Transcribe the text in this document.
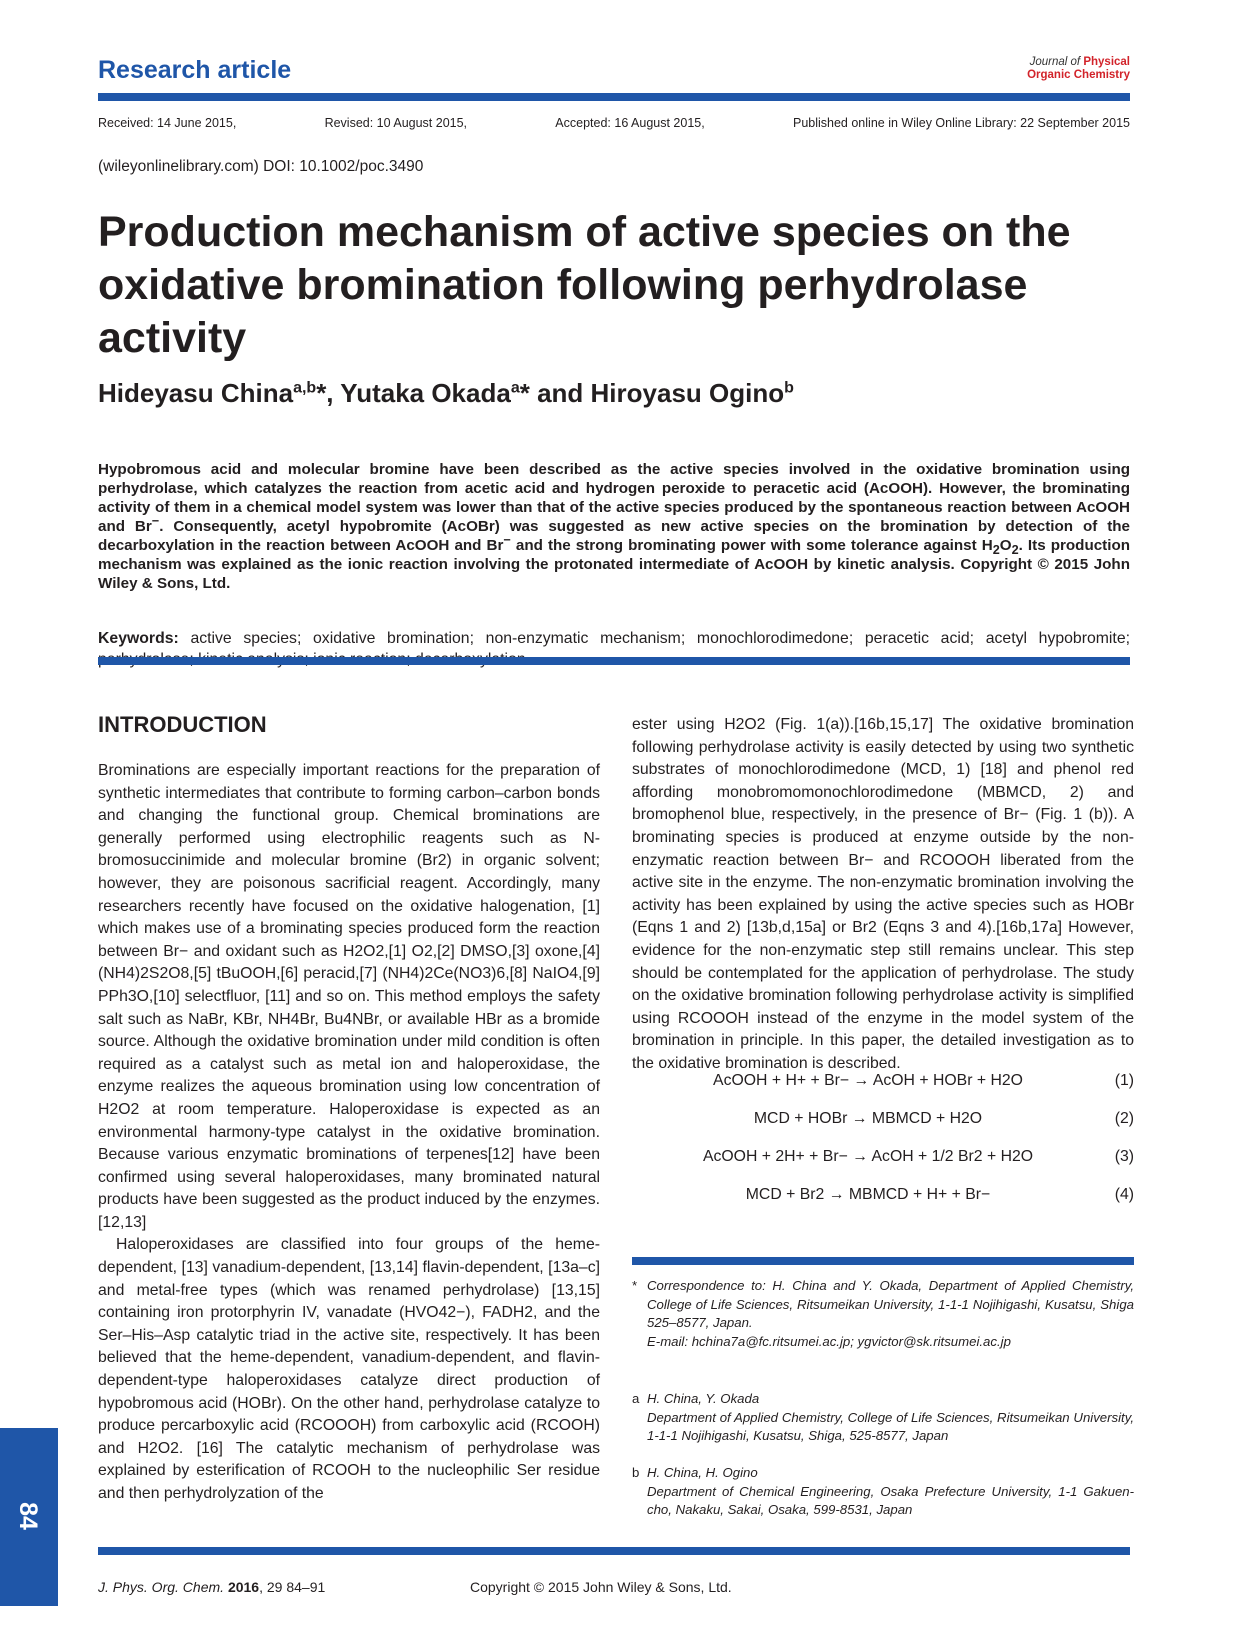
Research article	Journal of Physical
Organic Chemistry
Received: 14 June 2015,	Revised: 10 August 2015,	Accepted: 16 August 2015,	Published online in Wiley Online Library: 22 September 2015
(wileyonlinelibrary.com) DOI: 10.1002/poc.3490
Production mechanism of active species on the oxidative bromination following perhydrolase activity
Hideyasu China$^{a,b}$*, Yutaka Okada$^a$* and Hiroyasu Ogino$^b$
Hypobromous acid and molecular bromine have been described as the active species involved in the oxidative bromination using perhydrolase, which catalyzes the reaction from acetic acid and hydrogen peroxide to peracetic acid (AcOOH). However, the brominating activity of them in a chemical model system was lower than that of the active species produced by the spontaneous reaction between AcOOH and Br−. Consequently, acetyl hypobromite (AcOBr) was suggested as new active species on the bromination by detection of the decarboxylation in the reaction between AcOOH and Br− and the strong brominating power with some tolerance against $H_2O_2$. Its production mechanism was explained as the ionic reaction involving the protonated intermediate of AcOOH by kinetic analysis. Copyright © 2015 John Wiley & Sons, Ltd.
Keywords: active species; oxidative bromination; non-enzymatic mechanism; monochlorodimedone; peracetic acid; acetyl hypobromite;
INTRODUCTION

Brominations are especially important reactions for the preparation of synthetic intermediates that contribute to forming carbon–carbon bonds and changing the functional group. Chemical brominations are generally performed using electrophilic reagents such as N-bromosuccinimide and molecular bromine (Br2) in organic solvent; however, they are poisonous sacrificial reagent. Accordingly, many researchers recently have focused on the oxidative halogenation, [1] which makes use of a brominating species produced form the reaction between Br− and oxidant such as H2O2,[1] O2,[2] DMSO,[3] oxone,[4] (NH4)2S2O8,[5] tBuOOH,[6] peracid,[7] (NH4)2Ce(NO3)6,[8] NaIO4,[9] PPh3O,[10] selectfluor, [11] and so on. This method employs the safety salt such as NaBr, KBr, NH4Br, Bu4NBr, or available HBr as a bromide source. Although the oxidative bromination under mild condition is often required as a catalyst such as metal ion and haloperoxidase, the enzyme realizes the aqueous bromination using low concentration of H2O2 at room temperature. Haloperoxidase is expected as an environmental harmony-type catalyst in the oxidative bromination. Because various enzymatic brominations of terpenes[12] have been confirmed using several haloperoxidases, many brominated natural products have been suggested as the product induced by the enzymes. [12,13]

Haloperoxidases are classified into four groups of the heme-dependent, [13] vanadium-dependent, [13,14] flavin-dependent, [13a–c] and metal-free types (which was renamed perhydrolase) [13,15] containing iron protorphyrin IV, vanadate (HVO42−), FADH2, and the Ser–His–Asp catalytic triad in the active site, respectively. It has been believed that the heme-dependent, vanadium-dependent, and flavin-dependent-type haloperoxidases catalyze direct production of hypobromous acid (HOBr). On the other hand, perhydrolase catalyze to produce percarboxylic acid (RCOOOH) from carboxylic acid (RCOOH) and H2O2. [16] The catalytic mechanism of perhydrolase was explained by esterification of RCOOH to the nucleophilic Ser residue and then perhydrolyzation of the

ester using H2O2 (Fig. 1(a)).[16b,15,17] The oxidative bromination following perhydrolase activity is easily detected by using two synthetic substrates of monochlorodimedone (MCD, 1) [18] and phenol red affording monobromomonochlorodimedone (MBMCD, 2) and bromophenol blue, respectively, in the presence of Br− (Fig. 1 (b)). A brominating species is produced at enzyme outside by the non-enzymatic reaction between Br− and RCOOOH liberated from the active site in the enzyme. The non-enzymatic bromination involving the activity has been explained by using the active species such as HOBr (Eqns 1 and 2) [13b,d,15a] or Br2 (Eqns 3 and 4).[16b,17a] However, evidence for the non-enzymatic step still remains unclear. This step should be contemplated for the application of perhydrolase. The study on the oxidative bromination following perhydrolase activity is simplified using RCOOOH instead of the enzyme in the model system of the bromination in principle. In this paper, the detailed investigation as to the oxidative bromination is described.

AcOOH + H+ + Br− → AcOH + HOBr + H2O	(1)
MCD + HOBr → MBMCD + H2O	(2)
AcOOH + 2H+ + Br− → AcOH + 1/2 Br2 + H2O	(3)
MCD + Br2 → MBMCD + H+ + Br−	(4)
* Correspondence to: H. China and Y. Okada, Department of Applied Chemistry, College of Life Sciences, Ritsumeikan University, 1-1-1 Nojihigashi, Kusatsu, Shiga 525–8577, Japan.
E-mail: hchina7a@fc.ritsumei.ac.jp; ygvictor@sk.ritsumei.ac.jp
a H. China, Y. Okada
Department of Applied Chemistry, College of Life Sciences, Ritsumeikan University, 1-1-1 Nojihigashi, Kusatsu, Shiga, 525-8577, Japan
b H. China, H. Ogino
Department of Chemical Engineering, Osaka Prefecture University, 1-1 Gakuen-cho, Nakaku, Sakai, Osaka, 599-8531, Japan
84
J. Phys. Org. Chem. 2016, 29 84–91	Copyright © 2015 John Wiley & Sons, Ltd.
